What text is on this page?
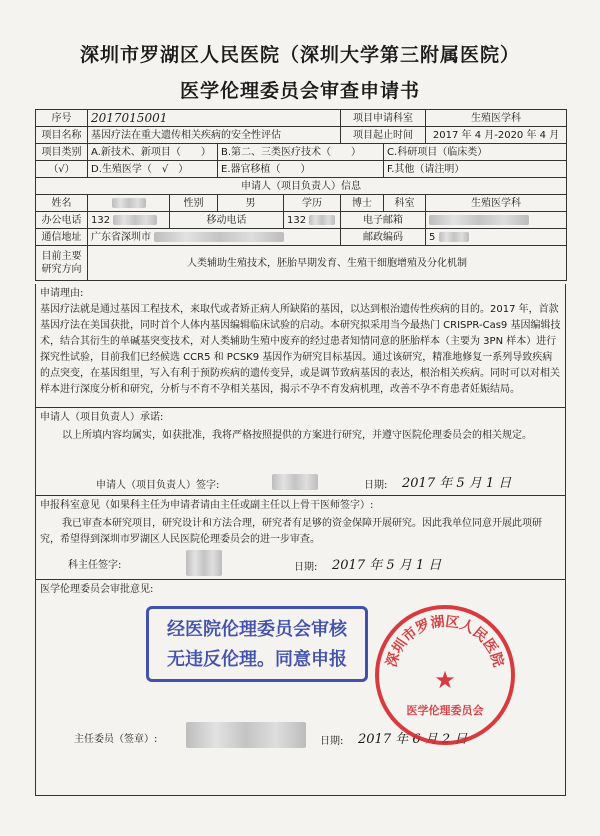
深圳市罗湖区人民医院（深圳大学第三附属医院）
医学伦理委员会审查申请书
序号	2017015001				项目申请科室		生殖医学科
项目名称	基因疗法在重大遗传相关疾病的安全性评估				项目起止时间		2017 年 4 月-2020 年 4 月
项目类别	A.新技术、新项目（　　）		B.第二、三类医疗技术（　　）			C.科研项目（临床类）	
（√）	D.生殖医学（　√　）		E.器官移植（　　）			F.其他（请注明）	
申请人（项目负责人）信息							
姓名		性别	男	学历	博士	科室	生殖医学科
办公电话	132	移动电话		132	电子邮箱		
通信地址	广东省深圳市				邮政编码		5
目前主要研究方向	人类辅助生殖技术，胚胎早期发育、生殖干细胞增殖及分化机制						
申请理由:
基因疗法就是通过基因工程技术，来取代或者矫正病人所缺陷的基因，以达到根治遗传性疾病的目的。2017 年，首款基因疗法在美国获批，同时首个人体内基因编辑临床试验的启动。本研究拟采用当今最热门 CRISPR-Cas9 基因编辑技术，结合其衍生的单碱基突变技术，对人类辅助生殖中废弃的经过患者知情同意的胚胎样本（主要为 3PN 样本）进行探究性试验，目前我们已经候选 CCR5 和 PCSK9 基因作为研究目标基因。通过该研究，精准地修复一系列导致疾病的点突变，在基因组里，写入有利于预防疾病的遗传变异，或是调节致病基因的表达，根治相关疾病。同时可以对相关样本进行深度分析和研究，分析与不育不孕相关基因，揭示不孕不育发病机理，改善不孕不育患者妊娠结局。
申请人（项目负责人）承诺:
以上所填内容均属实，如获批准，我将严格按照提供的方案进行研究，并遵守医院伦理委员会的相关规定。
申请人（项目负责人）签字:	日期: 2017 年 5 月 1 日
申报科室意见（如果科主任为申请者请由主任或副主任以上骨干医师签字）:
我已审查本研究项目，研究设计和方法合理，研究者有足够的资金保障开展研究。因此我单位同意开展此项研究，希望得到深圳市罗湖区人民医院伦理委员会的进一步审查。
科主任签字:	日期: 2017 年 5 月 1 日
医学伦理委员会审批意见:
主任委员（签章）:	日期: 2017 年 6 月 2 日
经医院伦理委员会审核
无违反伦理。同意申报	深圳市罗湖区人民医院
★
医学伦理委员会
